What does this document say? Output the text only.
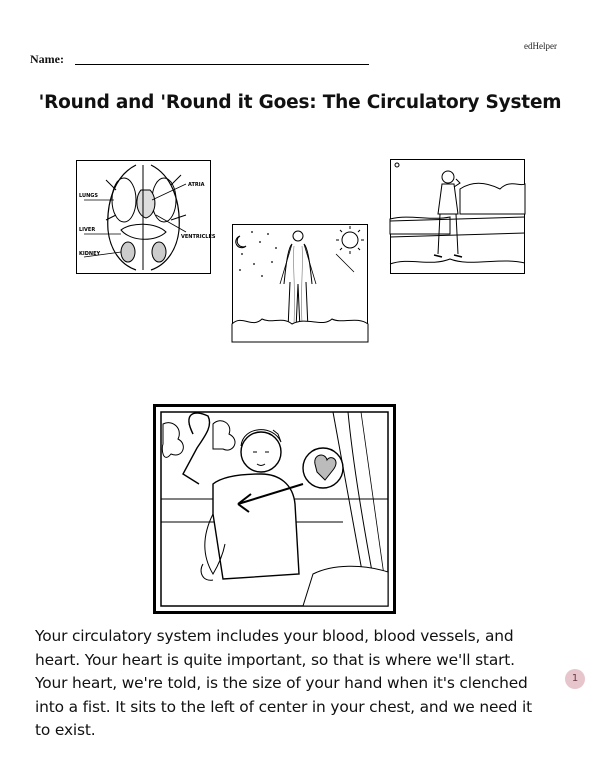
edHelper
Name:
'Round and 'Round it Goes: The Circulatory System
LUNGS
LIVER
KIDNEY
ATRIA
VENTRICLES
Your circulatory system includes your blood, blood vessels, and
heart. Your heart is quite important, so that is where we'll start.
Your heart, we're told, is the size of your hand when it's clenched
into a fist. It sits to the left of center in your chest, and we need it
to exist.
1
